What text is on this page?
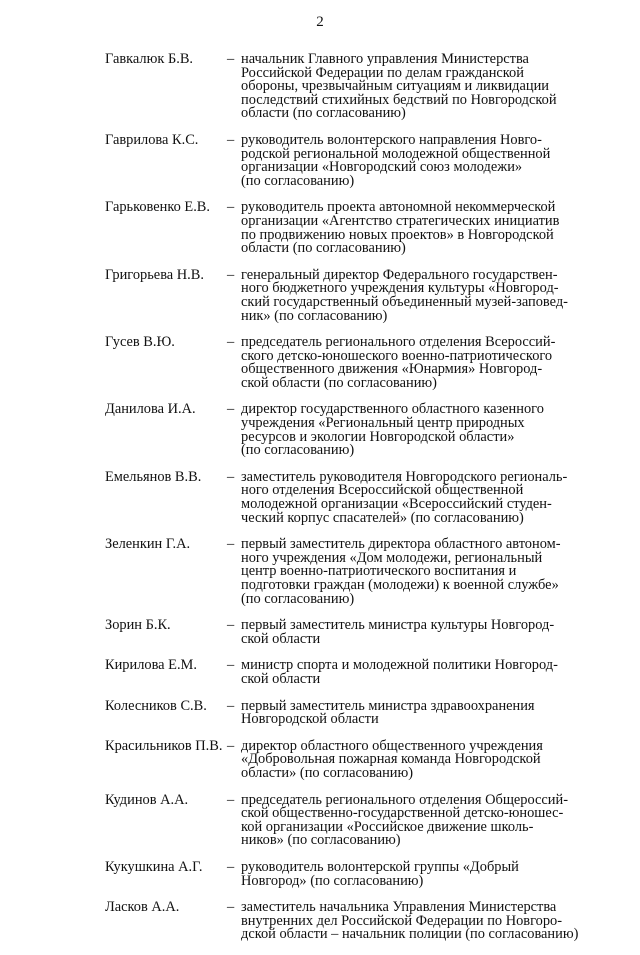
2
Гавкалюк Б.В.	– начальник Главного управления Министерства
Российской Федерации по делам гражданской
обороны, чрезвычайным ситуациям и ликвидации
последствий стихийных бедствий по Новгородской
области (по согласованию)
Гаврилова К.С.	– руководитель волонтерского направления Новго-
родской региональной молодежной общественной
организации «Новгородский союз молодежи»
(по согласованию)
Гарьковенко Е.В.	– руководитель проекта автономной некоммерческой
организации «Агентство стратегических инициатив
по продвижению новых проектов» в Новгородской
области (по согласованию)
Григорьева Н.В.	– генеральный директор Федерального государствен-
ного бюджетного учреждения культуры «Новгород-
ский государственный объединенный музей-заповед-
ник» (по согласованию)
Гусев В.Ю.	– председатель регионального отделения Всероссий-
ского детско-юношеского военно-патриотического
общественного движения «Юнармия» Новгород-
ской области (по согласованию)
Данилова И.А.	– директор государственного областного казенного
учреждения «Региональный центр природных
ресурсов и экологии Новгородской области»
(по согласованию)
Емельянов В.В.	– заместитель руководителя Новгородского региональ-
ного отделения Всероссийской общественной
молодежной организации «Всероссийский студен-
ческий корпус спасателей» (по согласованию)
Зеленкин Г.А.	– первый заместитель директора областного автоном-
ного учреждения «Дом молодежи, региональный
центр военно-патриотического воспитания и
подготовки граждан (молодежи) к военной службе»
(по согласованию)
Зорин Б.К.	– первый заместитель министра культуры Новгород-
ской области
Кирилова Е.М.	– министр спорта и молодежной политики Новгород-
ской области
Колесников С.В.	– первый заместитель министра здравоохранения
Новгородской области
Красильников П.В. – директор областного общественного учреждения
«Добровольная пожарная команда Новгородской
области» (по согласованию)
Кудинов А.А.	– председатель регионального отделения Общероссий-
ской общественно-государственной детско-юношес-
кой организации «Российское движение школь-
ников» (по согласованию)
Кукушкина А.Г.	– руководитель волонтерской группы «Добрый
Новгород» (по согласованию)
Ласков А.А.	– заместитель начальника Управления Министерства
внутренних дел Российской Федерации по Новгоро-
дской области – начальник полиции (по согласованию)
